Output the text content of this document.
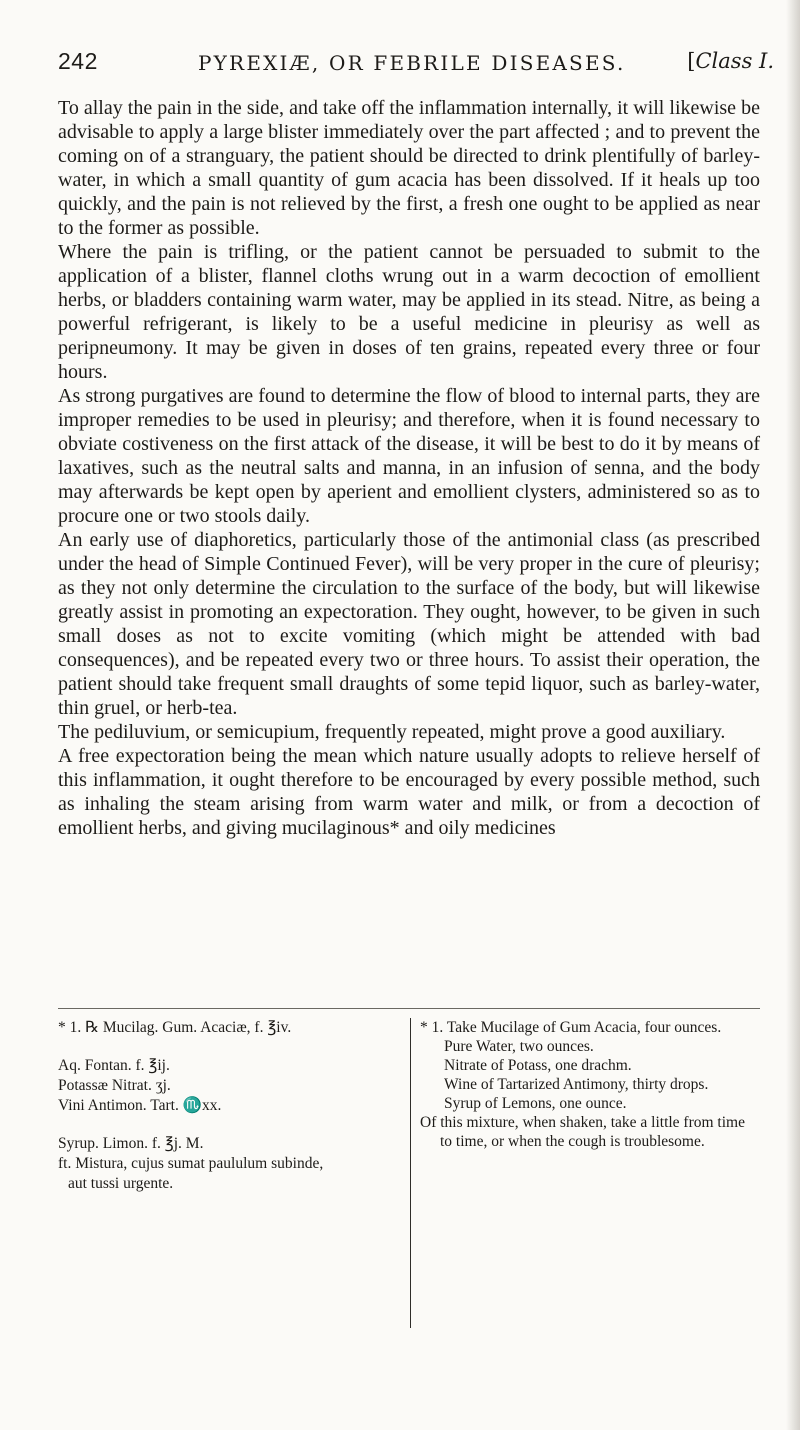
242	PYREXIÆ, OR FEBRILE DISEASES.	[Class I.

To allay the pain in the side, and take off the inflammation internally, it will likewise be advisable to apply a large blister immediately over the part affected ; and to prevent the coming on of a stranguary, the patient should be directed to drink plentifully of barley-water, in which a small quantity of gum acacia has been dissolved. If it heals up too quickly, and the pain is not relieved by the first, a fresh one ought to be applied as near to the former as possible.

Where the pain is trifling, or the patient cannot be persuaded to submit to the application of a blister, flannel cloths wrung out in a warm decoction of emollient herbs, or bladders containing warm water, may be applied in its stead. Nitre, as being a powerful refrigerant, is likely to be a useful medicine in pleurisy as well as peripneumony. It may be given in doses of ten grains, repeated every three or four hours.

As strong purgatives are found to determine the flow of blood to internal parts, they are improper remedies to be used in pleurisy; and therefore, when it is found necessary to obviate costiveness on the first attack of the disease, it will be best to do it by means of laxatives, such as the neutral salts and manna, in an infusion of senna, and the body may afterwards be kept open by aperient and emollient clysters, administered so as to procure one or two stools daily.

An early use of diaphoretics, particularly those of the antimonial class (as prescribed under the head of Simple Continued Fever), will be very proper in the cure of pleurisy; as they not only determine the circulation to the surface of the body, but will likewise greatly assist in promoting an expectoration. They ought, however, to be given in such small doses as not to excite vomiting (which might be attended with bad consequences), and be repeated every two or three hours. To assist their operation, the patient should take frequent small draughts of some tepid liquor, such as barley-water, thin gruel, or herb-tea.

The pediluvium, or semicupium, frequently repeated, might prove a good auxiliary.

A free expectoration being the mean which nature usually adopts to relieve herself of this inflammation, it ought therefore to be encouraged by every possible method, such as inhaling the steam arising from warm water and milk, or from a decoction of emollient herbs, and giving mucilaginous* and oily medicines

* 1. ℞ Mucilag. Gum. Acaciæ, f. ℥iv.
Aq. Fontan. f. ℥ij.
Potassæ Nitrat. ʒj.
Vini Antimon. Tart. ♏xx.
Syrup. Limon. f. ℥j. M.
ft. Mistura, cujus sumat paululum subinde,
aut tussi urgente.
* 1. Take Mucilage of Gum Acacia, four ounces.
Pure Water, two ounces.
Nitrate of Potass, one drachm.
Wine of Tartarized Antimony, thirty drops.
Syrup of Lemons, one ounce.
Of this mixture, when shaken, take a little from time to time, or when the cough is troublesome.
